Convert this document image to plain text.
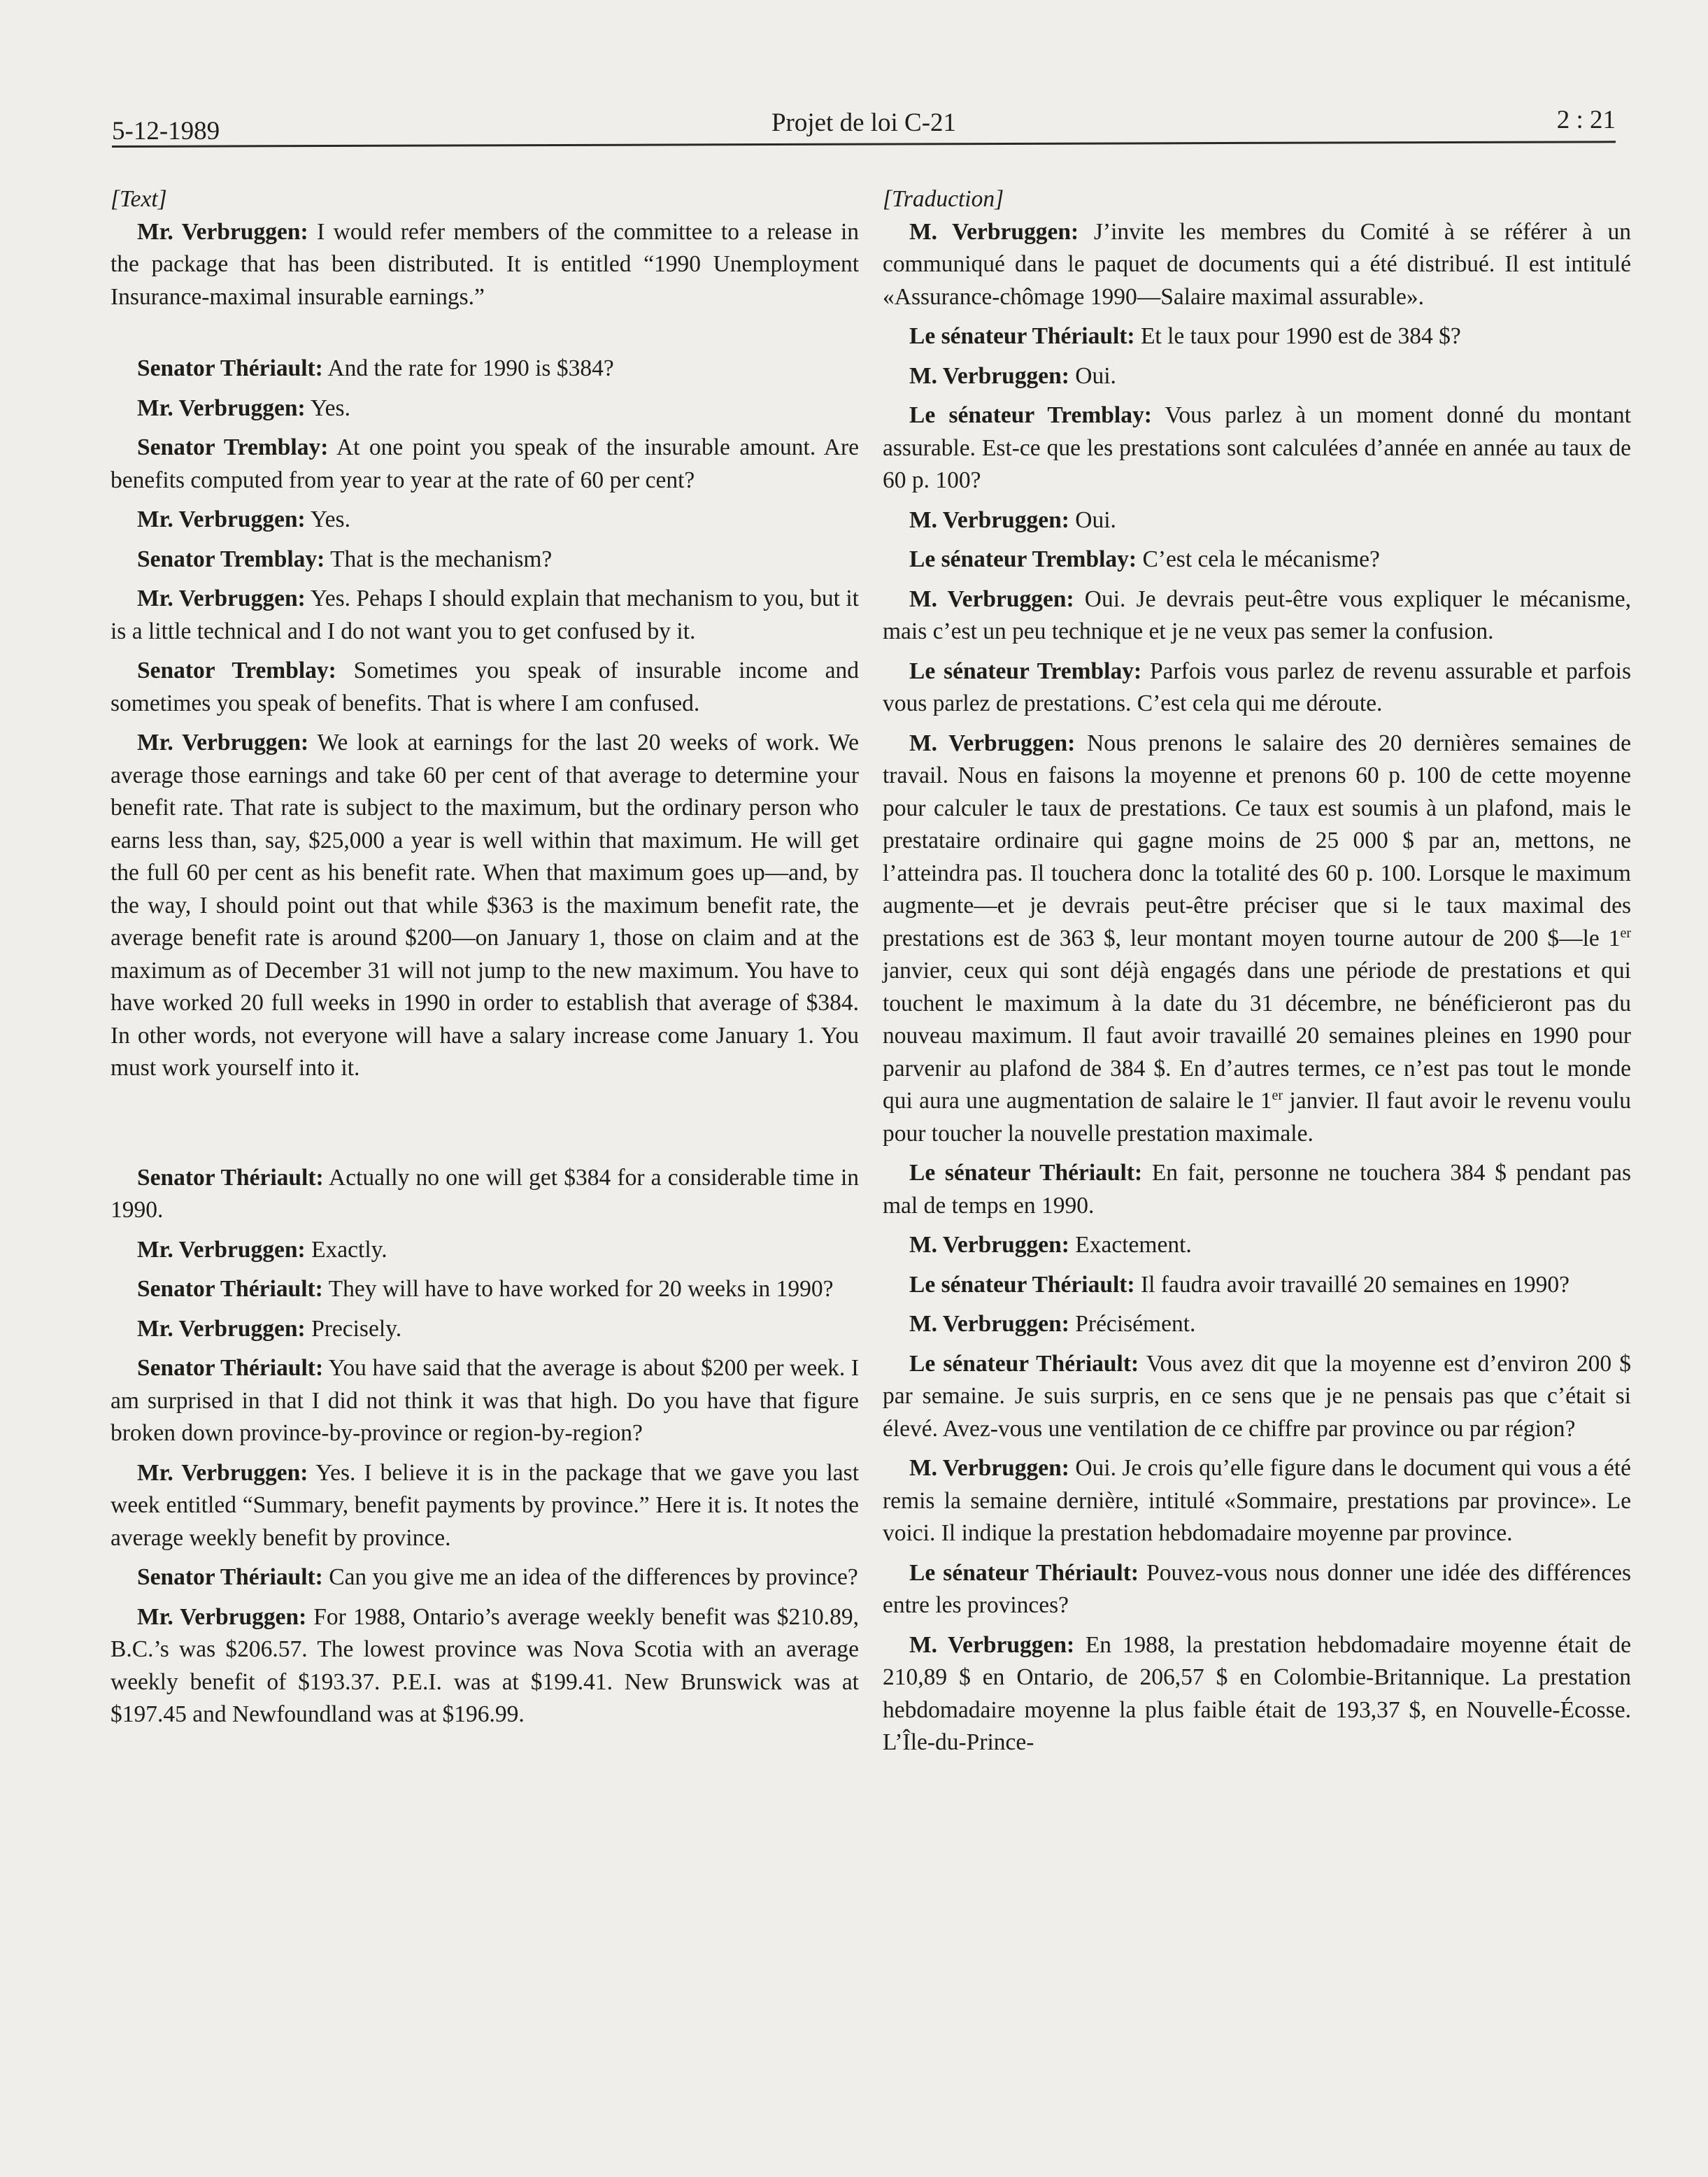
5-12-1989	Projet de loi C-21	2 : 21

[Text]

Mr. Verbruggen: I would refer members of the committee to a release in the package that has been distributed. It is entitled “1990 Unemployment Insurance-maximal insurable earnings.”

Senator Thériault: And the rate for 1990 is $384?

Mr. Verbruggen: Yes.

Senator Tremblay: At one point you speak of the insurable amount. Are benefits computed from year to year at the rate of 60 per cent?

Mr. Verbruggen: Yes.

Senator Tremblay: That is the mechanism?

Mr. Verbruggen: Yes. Pehaps I should explain that mechanism to you, but it is a little technical and I do not want you to get confused by it.

Senator Tremblay: Sometimes you speak of insurable income and sometimes you speak of benefits. That is where I am confused.

Mr. Verbruggen: We look at earnings for the last 20 weeks of work. We average those earnings and take 60 per cent of that average to determine your benefit rate. That rate is subject to the maximum, but the ordinary person who earns less than, say, $25,000 a year is well within that maximum. He will get the full 60 per cent as his benefit rate. When that maximum goes up—and, by the way, I should point out that while $363 is the maximum benefit rate, the average benefit rate is around $200—on January 1, those on claim and at the maximum as of December 31 will not jump to the new maximum. You have to have worked 20 full weeks in 1990 in order to establish that average of $384. In other words, not everyone will have a salary increase come January 1. You must work yourself into it.

Senator Thériault: Actually no one will get $384 for a considerable time in 1990.

Mr. Verbruggen: Exactly.

Senator Thériault: They will have to have worked for 20 weeks in 1990?

Mr. Verbruggen: Precisely.

Senator Thériault: You have said that the average is about $200 per week. I am surprised in that I did not think it was that high. Do you have that figure broken down province-by-province or region-by-region?

Mr. Verbruggen: Yes. I believe it is in the package that we gave you last week entitled “Summary, benefit payments by province.” Here it is. It notes the average weekly benefit by province.

Senator Thériault: Can you give me an idea of the differences by province?

Mr. Verbruggen: For 1988, Ontario’s average weekly benefit was $210.89, B.C.’s was $206.57. The lowest province was Nova Scotia with an average weekly benefit of $193.37. P.E.I. was at $199.41. New Brunswick was at $197.45 and Newfoundland was at $196.99.

[Traduction]

M. Verbruggen: J’invite les membres du Comité à se référer à un communiqué dans le paquet de documents qui a été distribué. Il est intitulé «Assurance-chômage 1990—Salaire maximal assurable».

Le sénateur Thériault: Et le taux pour 1990 est de 384 $?

M. Verbruggen: Oui.

Le sénateur Tremblay: Vous parlez à un moment donné du montant assurable. Est-ce que les prestations sont calculées d’année en année au taux de 60 p. 100?

M. Verbruggen: Oui.

Le sénateur Tremblay: C’est cela le mécanisme?

M. Verbruggen: Oui. Je devrais peut-être vous expliquer le mécanisme, mais c’est un peu technique et je ne veux pas semer la confusion.

Le sénateur Tremblay: Parfois vous parlez de revenu assurable et parfois vous parlez de prestations. C’est cela qui me déroute.

M. Verbruggen: Nous prenons le salaire des 20 dernières semaines de travail. Nous en faisons la moyenne et prenons 60 p. 100 de cette moyenne pour calculer le taux de prestations. Ce taux est soumis à un plafond, mais le prestataire ordinaire qui gagne moins de 25 000 $ par an, mettons, ne l’atteindra pas. Il touchera donc la totalité des 60 p. 100. Lorsque le maximum augmente—et je devrais peut-être préciser que si le taux maximal des prestations est de 363 $, leur montant moyen tourne autour de 200 $—le 1er janvier, ceux qui sont déjà engagés dans une période de prestations et qui touchent le maximum à la date du 31 décembre, ne bénéficieront pas du nouveau maximum. Il faut avoir travaillé 20 semaines pleines en 1990 pour parvenir au plafond de 384 $. En d’autres termes, ce n’est pas tout le monde qui aura une augmentation de salaire le 1er janvier. Il faut avoir le revenu voulu pour toucher la nouvelle prestation maximale.

Le sénateur Thériault: En fait, personne ne touchera 384 $ pendant pas mal de temps en 1990.

M. Verbruggen: Exactement.

Le sénateur Thériault: Il faudra avoir travaillé 20 semaines en 1990?

M. Verbruggen: Précisément.

Le sénateur Thériault: Vous avez dit que la moyenne est d’environ 200 $ par semaine. Je suis surpris, en ce sens que je ne pensais pas que c’était si élevé. Avez-vous une ventilation de ce chiffre par province ou par région?

M. Verbruggen: Oui. Je crois qu’elle figure dans le document qui vous a été remis la semaine dernière, intitulé «Sommaire, prestations par province». Le voici. Il indique la prestation hebdomadaire moyenne par province.

Le sénateur Thériault: Pouvez-vous nous donner une idée des différences entre les provinces?

M. Verbruggen: En 1988, la prestation hebdomadaire moyenne était de 210,89 $ en Ontario, de 206,57 $ en Colombie-Britannique. La prestation hebdomadaire moyenne la plus faible était de 193,37 $, en Nouvelle-Écosse. L’Île-du-Prince-
